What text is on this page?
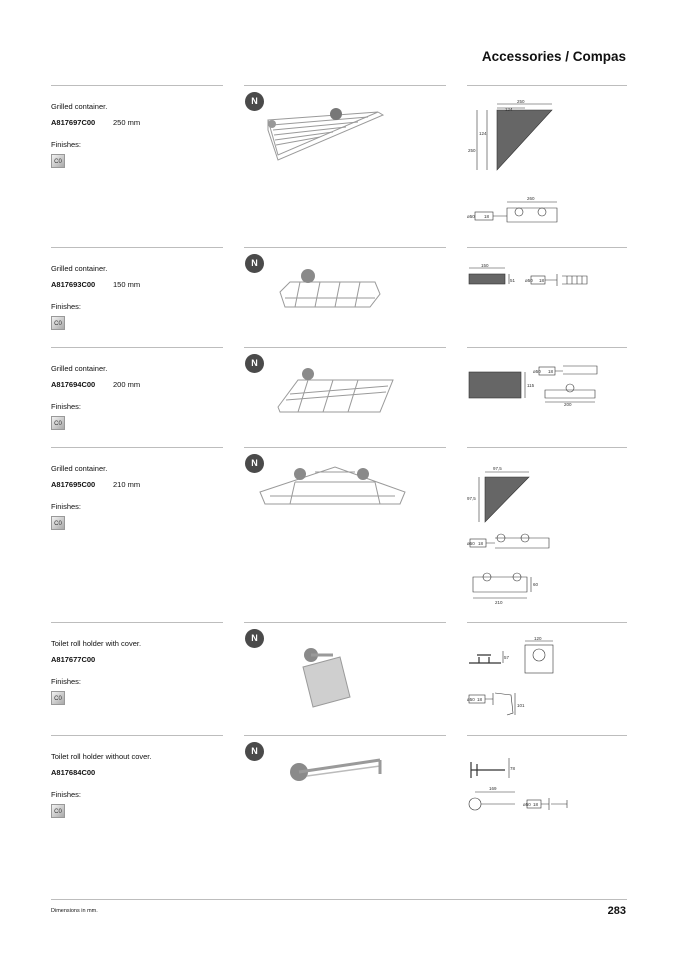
Accessories / Compas
Grilled container.
A817697C00 250 mm
Finishes:
C0
N	250
124
124
250
260
ø50 18
Grilled container.
A817693C00 150 mm
Finishes:
C0
N	150
51 ø50 18
Grilled container.
A817694C00 200 mm
Finishes:
C0
N
115
ø50 18
200
Grilled container.
A817695C00 210 mm
Finishes:
C0
N
97,5
97,5
ø50 18
60
210
Toilet roll holder with cover.
A817677C00
Finishes:
C0
N
57
120
ø50 18
101
Toilet roll holder without cover.
A817684C00
Finishes:
C0
N
78
169
ø50 18
Dimensions in mm.	283
